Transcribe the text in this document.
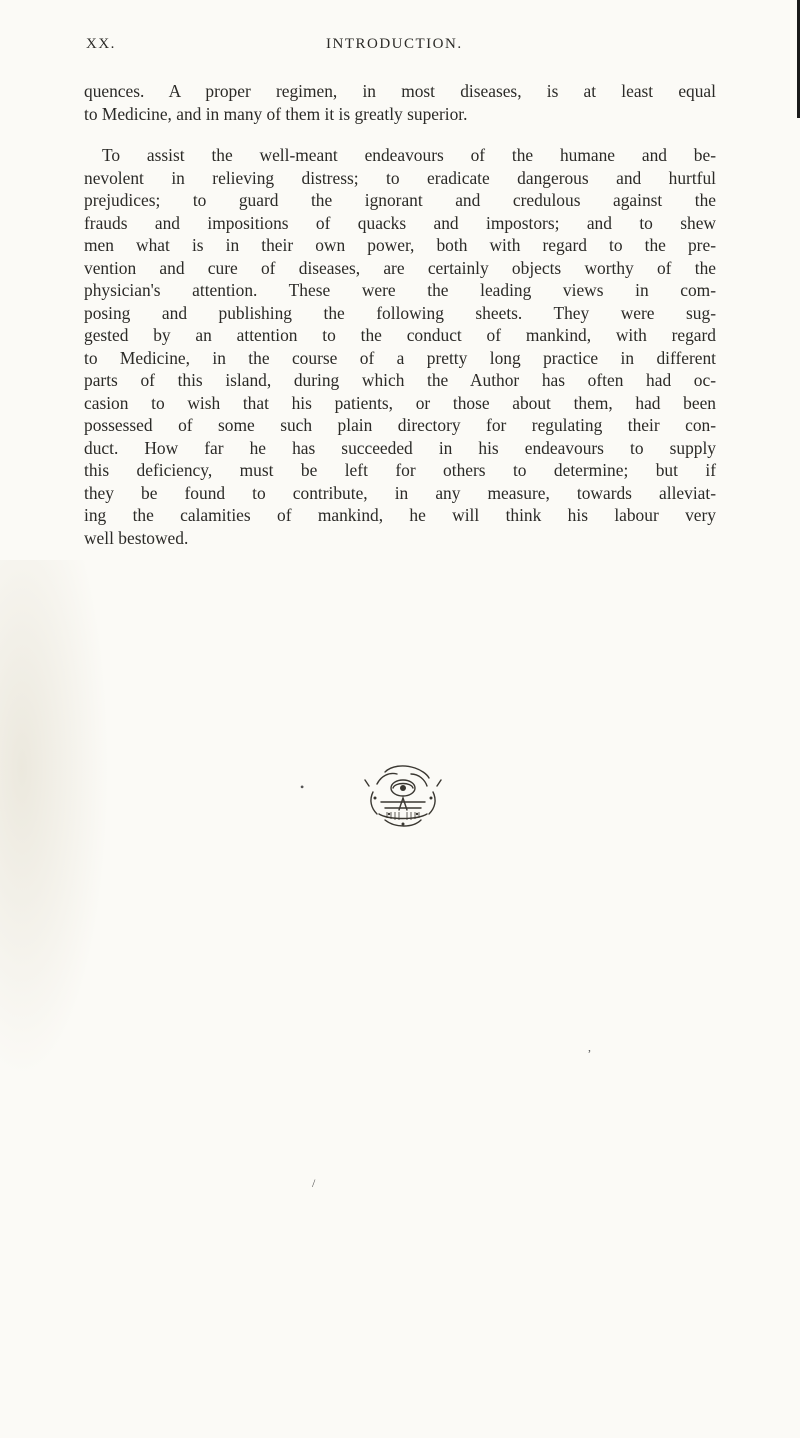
XX.	INTRODUCTION.
quences. A proper regimen, in most diseases, is at least equal
to Medicine, and in many of them it is greatly superior.
To assist the well-meant endeavours of the humane and be-
nevolent in relieving distress; to eradicate dangerous and hurtful
prejudices; to guard the ignorant and credulous against the
frauds and impositions of quacks and impostors; and to shew
men what is in their own power, both with regard to the pre-
vention and cure of diseases, are certainly objects worthy of the
physician's attention. These were the leading views in com-
posing and publishing the following sheets. They were sug-
gested by an attention to the conduct of mankind, with regard
to Medicine, in the course of a pretty long practice in different
parts of this island, during which the Author has often had oc-
casion to wish that his patients, or those about them, had been
possessed of some such plain directory for regulating their con-
duct. How far he has succeeded in his endeavours to supply
this deficiency, must be left for others to determine; but if
they be found to contribute, in any measure, towards alleviat-
ing the calamities of mankind, he will think his labour very
well bestowed.
•
/
,
